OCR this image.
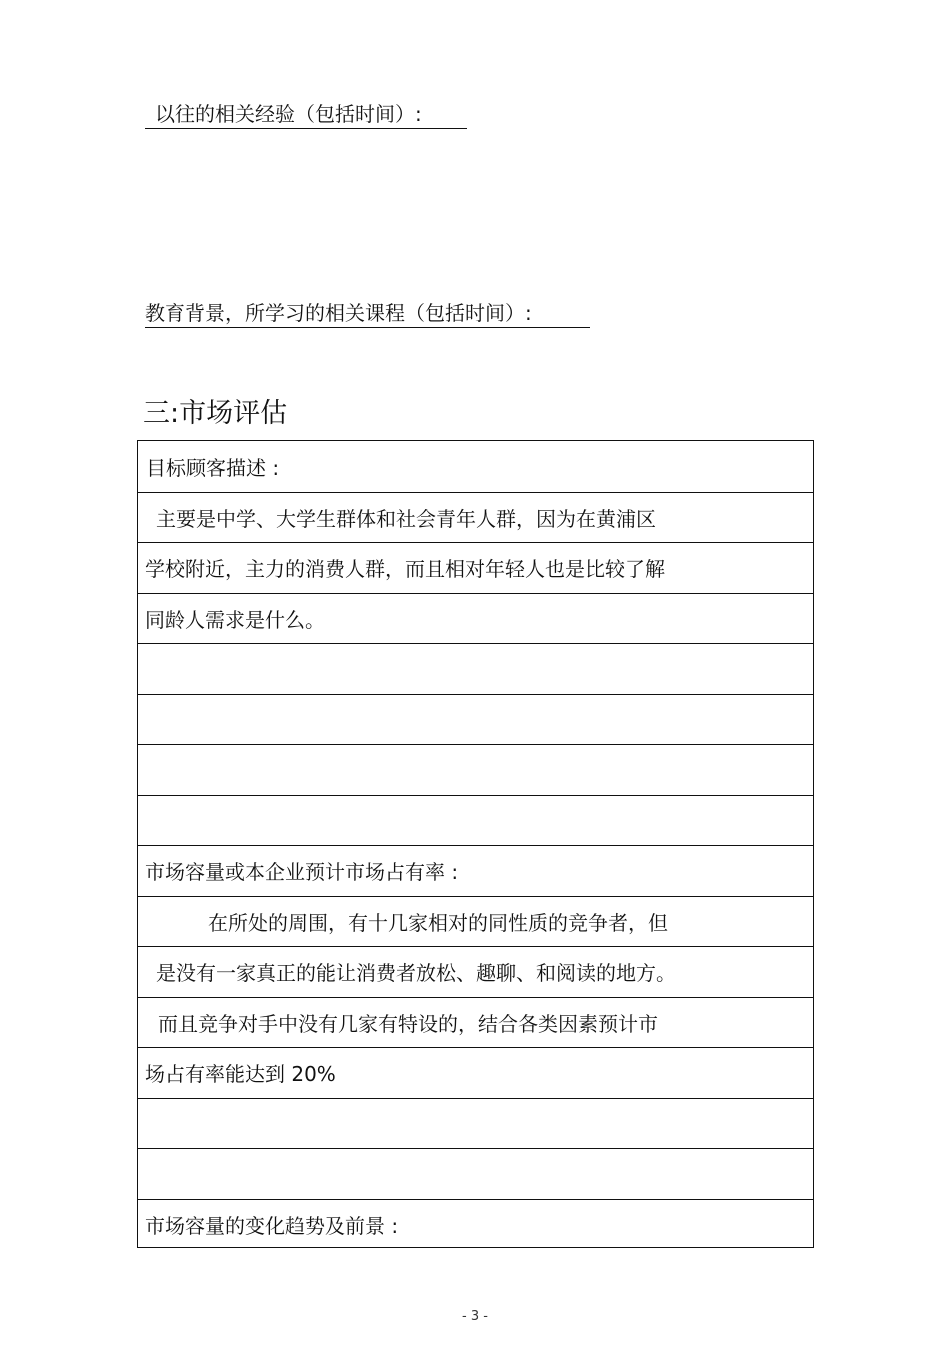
以往的相关经验（包括时间）:
教育背景，所学习的相关课程（包括时间）:
三:市场评估
目标顾客描述 :
主要是中学、大学生群体和社会青年人群，因为在黄浦区
学校附近，主力的消费人群，而且相对年轻人也是比较了解
同龄人需求是什么。
市场容量或本企业预计市场占有率 :
在所处的周围，有十几家相对的同性质的竞争者，但
是没有一家真正的能让消费者放松、趣聊、和阅读的地方。
而且竞争对手中没有几家有特设的，结合各类因素预计市
场占有率能达到 20%
市场容量的变化趋势及前景 :
- 3 -
